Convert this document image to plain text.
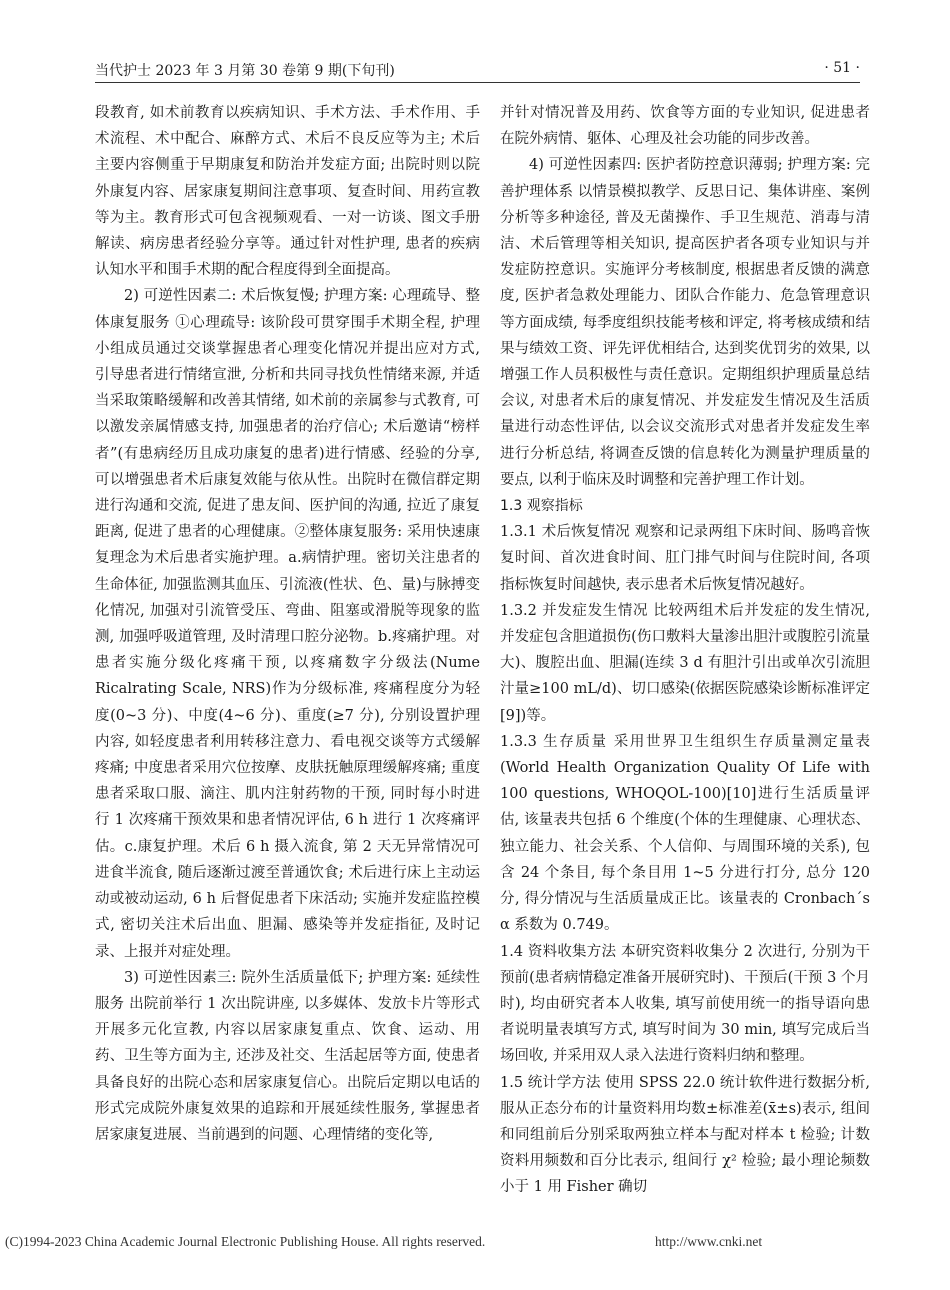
当代护士 2023 年 3 月第 30 卷第 9 期(下旬刊)	· 51 ·

段教育, 如术前教育以疾病知识、手术方法、手术作用、手术流程、术中配合、麻醉方式、术后不良反应等为主; 术后主要内容侧重于早期康复和防治并发症方面; 出院时则以院外康复内容、居家康复期间注意事项、复查时间、用药宣教等为主。教育形式可包含视频观看、一对一访谈、图文手册解读、病房患者经验分享等。通过针对性护理, 患者的疾病认知水平和围手术期的配合程度得到全面提高。

2) 可逆性因素二: 术后恢复慢; 护理方案: 心理疏导、整体康复服务 ①心理疏导: 该阶段可贯穿围手术期全程, 护理小组成员通过交谈掌握患者心理变化情况并提出应对方式, 引导患者进行情绪宣泄, 分析和共同寻找负性情绪来源, 并适当采取策略缓解和改善其情绪, 如术前的亲属参与式教育, 可以激发亲属情感支持, 加强患者的治疗信心; 术后邀请“榜样者”(有患病经历且成功康复的患者)进行情感、经验的分享, 可以增强患者术后康复效能与依从性。出院时在微信群定期进行沟通和交流, 促进了患友间、医护间的沟通, 拉近了康复距离, 促进了患者的心理健康。②整体康复服务: 采用快速康复理念为术后患者实施护理。a.病情护理。密切关注患者的生命体征, 加强监测其血压、引流液(性状、色、量)与脉搏变化情况, 加强对引流管受压、弯曲、阻塞或滑脱等现象的监测, 加强呼吸道管理, 及时清理口腔分泌物。b.疼痛护理。对患者实施分级化疼痛干预, 以疼痛数字分级法(Nume Ricalrating Scale, NRS)作为分级标准, 疼痛程度分为轻度(0~3 分)、中度(4~6 分)、重度(≥7 分), 分别设置护理内容, 如轻度患者利用转移注意力、看电视交谈等方式缓解疼痛; 中度患者采用穴位按摩、皮肤抚触原理缓解疼痛; 重度患者采取口服、滴注、肌内注射药物的干预, 同时每小时进行 1 次疼痛干预效果和患者情况评估, 6 h 进行 1 次疼痛评估。c.康复护理。术后 6 h 摄入流食, 第 2 天无异常情况可进食半流食, 随后逐渐过渡至普通饮食; 术后进行床上主动运动或被动运动, 6 h 后督促患者下床活动; 实施并发症监控模式, 密切关注术后出血、胆漏、感染等并发症指征, 及时记录、上报并对症处理。

3) 可逆性因素三: 院外生活质量低下; 护理方案: 延续性服务 出院前举行 1 次出院讲座, 以多媒体、发放卡片等形式开展多元化宣教, 内容以居家康复重点、饮食、运动、用药、卫生等方面为主, 还涉及社交、生活起居等方面, 使患者具备良好的出院心态和居家康复信心。出院后定期以电话的形式完成院外康复效果的追踪和开展延续性服务, 掌握患者居家康复进展、当前遇到的问题、心理情绪的变化等,

并针对情况普及用药、饮食等方面的专业知识, 促进患者在院外病情、躯体、心理及社会功能的同步改善。

4) 可逆性因素四: 医护者防控意识薄弱; 护理方案: 完善护理体系 以情景模拟教学、反思日记、集体讲座、案例分析等多种途径, 普及无菌操作、手卫生规范、消毒与清洁、术后管理等相关知识, 提高医护者各项专业知识与并发症防控意识。实施评分考核制度, 根据患者反馈的满意度, 医护者急救处理能力、团队合作能力、危急管理意识等方面成绩, 每季度组织技能考核和评定, 将考核成绩和结果与绩效工资、评先评优相结合, 达到奖优罚劣的效果, 以增强工作人员积极性与责任意识。定期组织护理质量总结会议, 对患者术后的康复情况、并发症发生情况及生活质量进行动态性评估, 以会议交流形式对患者并发症发生率进行分析总结, 将调查反馈的信息转化为测量护理质量的要点, 以利于临床及时调整和完善护理工作计划。

1.3 观察指标

1.3.1 术后恢复情况 观察和记录两组下床时间、肠鸣音恢复时间、首次进食时间、肛门排气时间与住院时间, 各项指标恢复时间越快, 表示患者术后恢复情况越好。

1.3.2 并发症发生情况 比较两组术后并发症的发生情况, 并发症包含胆道损伤(伤口敷料大量渗出胆汁或腹腔引流量大)、腹腔出血、胆漏(连续 3 d 有胆汁引出或单次引流胆汁量≥100 mL/d)、切口感染(依据医院感染诊断标准评定[9])等。

1.3.3 生存质量 采用世界卫生组织生存质量测定量表(World Health Organization Quality Of Life with 100 questions, WHOQOL-100)[10]进行生活质量评估, 该量表共包括 6 个维度(个体的生理健康、心理状态、独立能力、社会关系、个人信仰、与周围环境的关系), 包含 24 个条目, 每个条目用 1~5 分进行打分, 总分 120 分, 得分情况与生活质量成正比。该量表的 Cronbach´s α 系数为 0.749。

1.4 资料收集方法 本研究资料收集分 2 次进行, 分别为干预前(患者病情稳定准备开展研究时)、干预后(干预 3 个月时), 均由研究者本人收集, 填写前使用统一的指导语向患者说明量表填写方式, 填写时间为 30 min, 填写完成后当场回收, 并采用双人录入法进行资料归纳和整理。

1.5 统计学方法 使用 SPSS 22.0 统计软件进行数据分析, 服从正态分布的计量资料用均数±标准差(x̄±s)表示, 组间和同组前后分别采取两独立样本与配对样本 t 检验; 计数资料用频数和百分比表示, 组间行 χ² 检验; 最小理论频数小于 1 用 Fisher 确切

(C)1994-2023 China Academic Journal Electronic Publishing House. All rights reserved.	http://www.cnki.net
